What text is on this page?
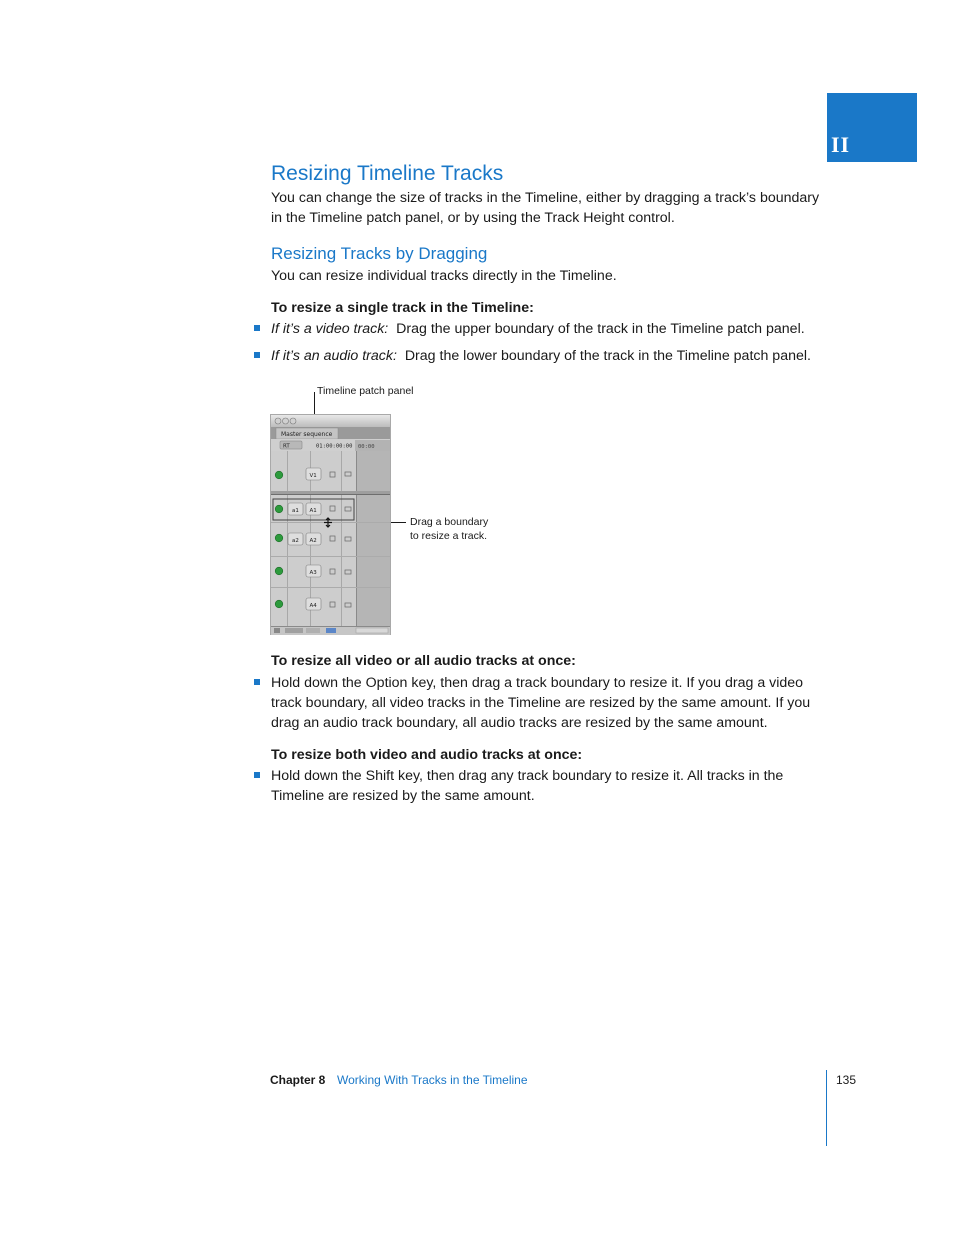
II
Resizing Timeline Tracks
You can change the size of tracks in the Timeline, either by dragging a track’s boundary in the Timeline patch panel, or by using the Track Height control.
Resizing Tracks by Dragging
You can resize individual tracks directly in the Timeline.
To resize a single track in the Timeline:
If it’s a video track: Drag the upper boundary of the track in the Timeline patch panel.
If it’s an audio track: Drag the lower boundary of the track in the Timeline patch panel.
Timeline patch panel
Drag a boundary
to resize a track.
Master sequence
RT	01:00:00:00 00:00
V1
a1 A1
a2 A2
A3
A4
To resize all video or all audio tracks at once:
Hold down the Option key, then drag a track boundary to resize it. If you drag a video track boundary, all video tracks in the Timeline are resized by the same amount. If you drag an audio track boundary, all audio tracks are resized by the same amount.
To resize both video and audio tracks at once:
Hold down the Shift key, then drag any track boundary to resize it. All tracks in the Timeline are resized by the same amount.
Chapter 8 Working With Tracks in the Timeline	135
